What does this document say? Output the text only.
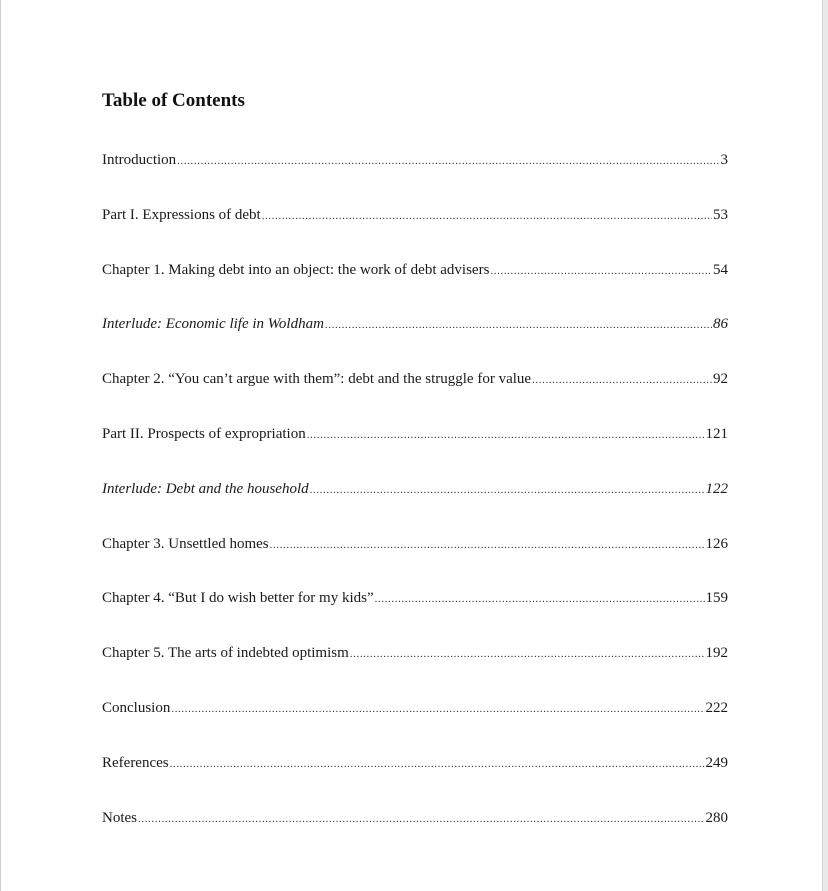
Table of Contents
Introduction .....	3
Part I. Expressions of debt .....	53
Chapter 1. Making debt into an object: the work of debt advisers .....	54
Interlude: Economic life in Woldham .....	86
Chapter 2. “You can’t argue with them”: debt and the struggle for value .....	92
Part II. Prospects of expropriation .....	121
Interlude: Debt and the household .....	122
Chapter 3. Unsettled homes .....	126
Chapter 4. “But I do wish better for my kids” .....	159
Chapter 5. The arts of indebted optimism .....	192
Conclusion .....	222
References .....	249
Notes .....	280
